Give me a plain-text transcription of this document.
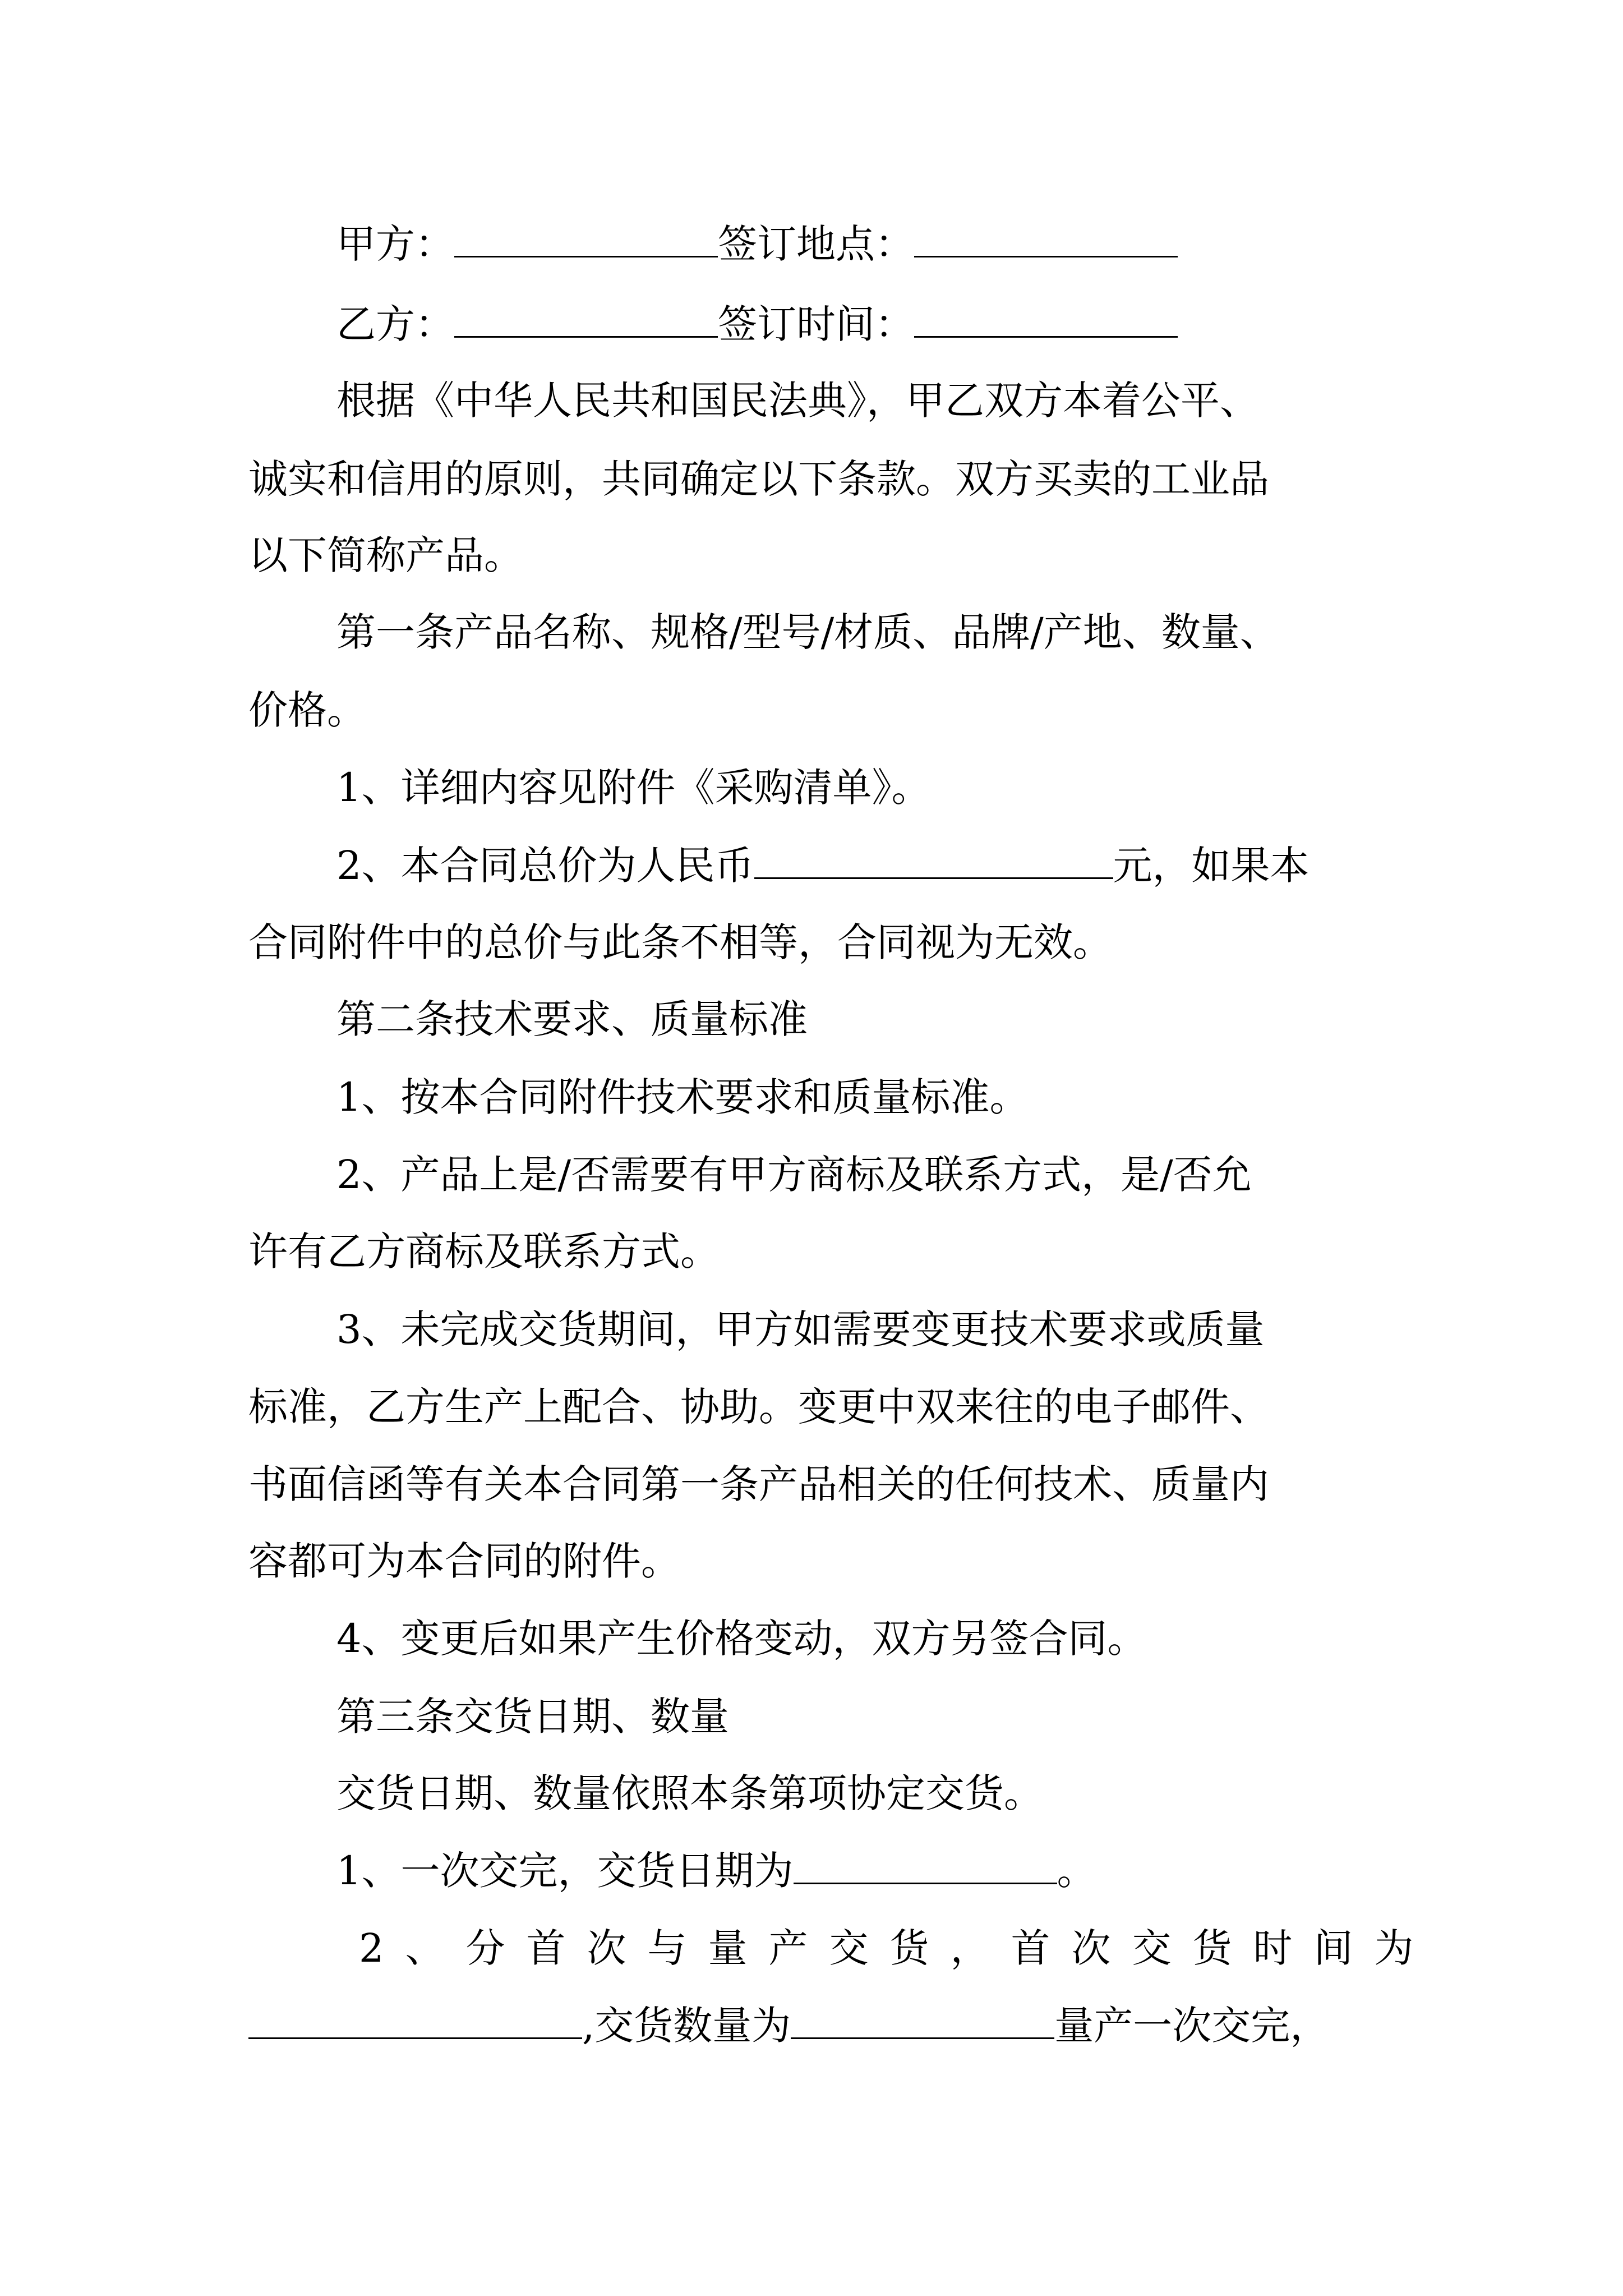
甲方：	签订地点：
乙方：	签订时间：
根据《中华人民共和国民法典》，甲乙双方本着公平、
诚实和信用的原则，共同确定以下条款。双方买卖的工业品
以下简称产品。
第一条产品名称、规格/型号/材质、品牌/产地、数量、
价格。
1、详细内容见附件《采购清单》。
2、本合同总价为人民币	元，如果本
合同附件中的总价与此条不相等，合同视为无效。
第二条技术要求、质量标准
1、按本合同附件技术要求和质量标准。
2、产品上是/否需要有甲方商标及联系方式，是/否允
许有乙方商标及联系方式。
3、未完成交货期间，甲方如需要变更技术要求或质量
标准，乙方生产上配合、协助。变更中双来往的电子邮件、
书面信函等有关本合同第一条产品相关的任何技术、质量内
容都可为本合同的附件。
4、变更后如果产生价格变动，双方另签合同。
第三条交货日期、数量
交货日期、数量依照本条第项协定交货。
1、一次交完，交货日期为	。
2、分首次与量产交货，首次交货时间为
,交货数量为	量产一次交完，
